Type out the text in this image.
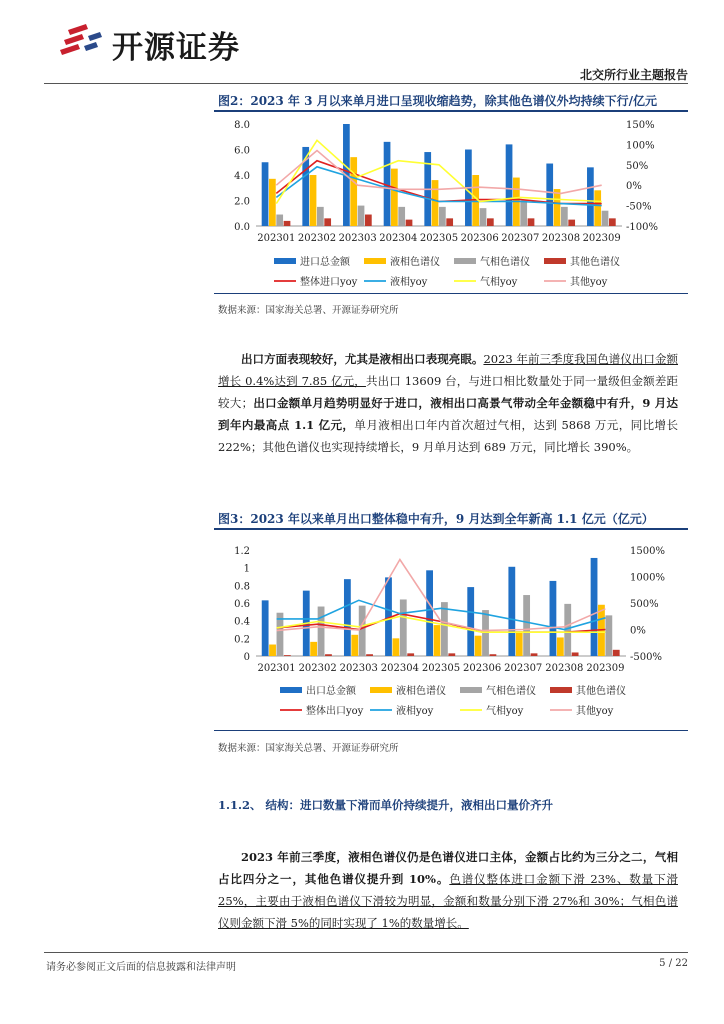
开源证券
北交所行业主题报告
图2：2023 年 3 月以来单月进口呈现收缩趋势，除其他色谱仪外均持续下行/亿元
0.0
2.0
4.0
6.0
8.0	150%
100%
50%
0%
-50%
-100%
202301 202302 202303 202304 202305 202306 202307 202308 202309
进口总金额	液相色谱仪	气相色谱仪	其他色谱仪
整体进口yoy	液相yoy	气相yoy	其他yoy
数据来源：国家海关总署、开源证券研究所
出口方面表现较好，尤其是液相出口表现亮眼。2023 年前三季度我国色谱仪出口金额增长 0.4%达到 7.85 亿元，共出口 13609 台，与进口相比数量处于同一量级但金额差距较大；出口金额单月趋势明显好于进口，液相出口高景气带动全年金额稳中有升，9 月达到年内最高点 1.1 亿元，单月液相出口年内首次超过气相，达到 5868 万元，同比增长 222%；其他色谱仪也实现持续增长，9 月单月达到 689 万元，同比增长 390%。
图3：2023 年以来单月出口整体稳中有升，9 月达到全年新高 1.1 亿元（亿元）
0
0.2
0.4
0.6
0.8
1
1.2	1500%
1000%
500%
0%
-500%
202301 202302 202303 202304 202305 202306 202307 202308 202309
出口总金额	液相色谱仪	气相色谱仪	其他色谱仪
整体出口yoy	液相yoy	气相yoy	其他yoy
数据来源：国家海关总署、开源证券研究所
1.1.2、 结构：进口数量下滑而单价持续提升，液相出口量价齐升
2023 年前三季度，液相色谱仪仍是色谱仪进口主体，金额占比约为三分之二，气相占比四分之一，其他色谱仪提升到 10%。色谱仪整体进口金额下滑 23%、数量下滑 25%，主要由于液相色谱仪下滑较为明显，金额和数量分别下滑 27%和 30%；气相色谱仪则金额下滑 5%的同时实现了 1%的数量增长。
请务必参阅正文后面的信息披露和法律声明	5 / 22
